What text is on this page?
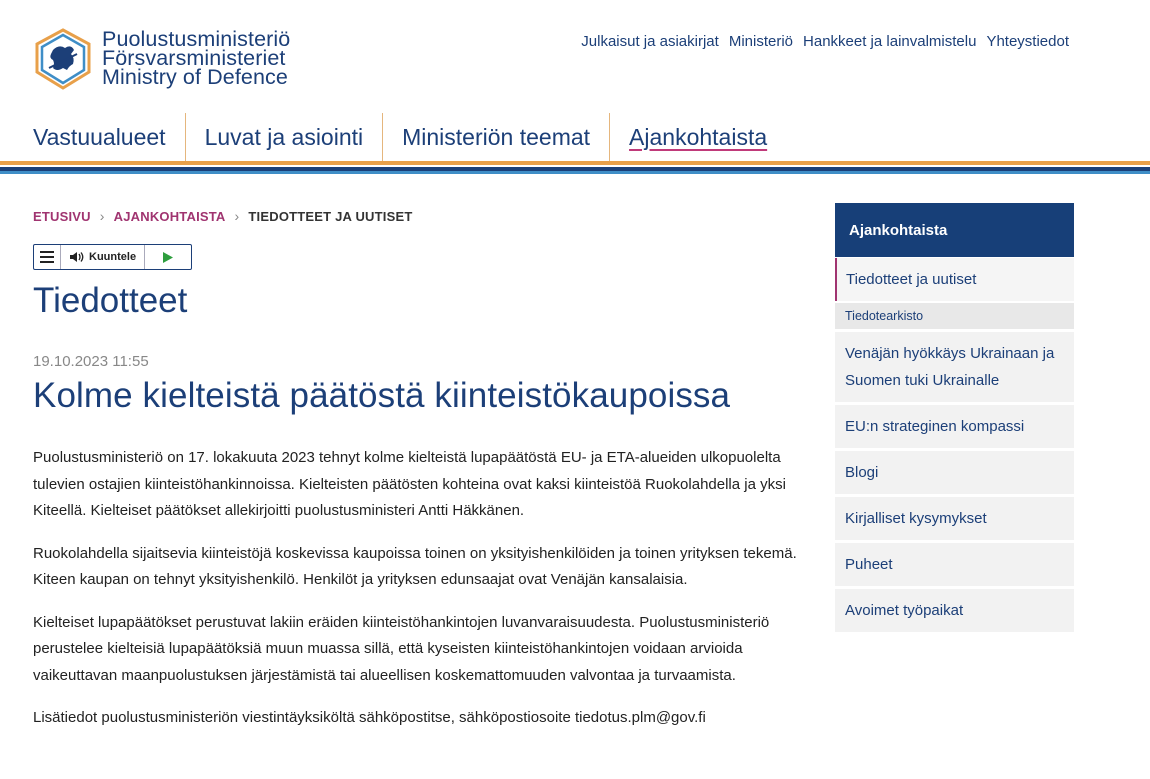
Puolustusministeriö
Försvarsministeriet
Ministry of Defence
Julkaisut ja asiakirjat Ministeriö Hankkeet ja lainvalmistelu Yhteystiedot
Vastuualueet Luvat ja asiointi Ministeriön teemat Ajankohtaista
ETUSIVU › AJANKOHTAISTA › TIEDOTTEET JA UUTISET
Kuuntele
Tiedotteet
19.10.2023 11:55
Kolme kielteistä päätöstä kiinteistökaupoissa

Puolustusministeriö on 17. lokakuuta 2023 tehnyt kolme kielteistä lupapäätöstä EU- ja ETA-alueiden ulkopuolelta tulevien ostajien kiinteistöhankinnoissa. Kielteisten päätösten kohteina ovat kaksi kiinteistöä Ruokolahdella ja yksi Kiteellä. Kielteiset päätökset allekirjoitti puolustusministeri Antti Häkkänen.

Ruokolahdella sijaitsevia kiinteistöjä koskevissa kaupoissa toinen on yksityishenkilöiden ja toinen yrityksen tekemä. Kiteen kaupan on tehnyt yksityishenkilö. Henkilöt ja yrityksen edunsaajat ovat Venäjän kansalaisia.

Kielteiset lupapäätökset perustuvat lakiin eräiden kiinteistöhankintojen luvanvaraisuudesta. Puolustusministeriö perustelee kielteisiä lupapäätöksiä muun muassa sillä, että kyseisten kiinteistöhankintojen voidaan arvioida vaikeuttavan maanpuolustuksen järjestämistä tai alueellisen koskemattomuuden valvontaa ja turvaamista.

Lisätiedot puolustusministeriön viestintäyksiköltä sähköpostitse, sähköpostiosoite tiedotus.plm@gov.fi

Ajankohtaista
Tiedotteet ja uutiset
Tiedotearkisto
Venäjän hyökkäys Ukrainaan ja Suomen tuki Ukrainalle
EU:n strateginen kompassi
Blogi
Kirjalliset kysymykset
Puheet
Avoimet työpaikat
